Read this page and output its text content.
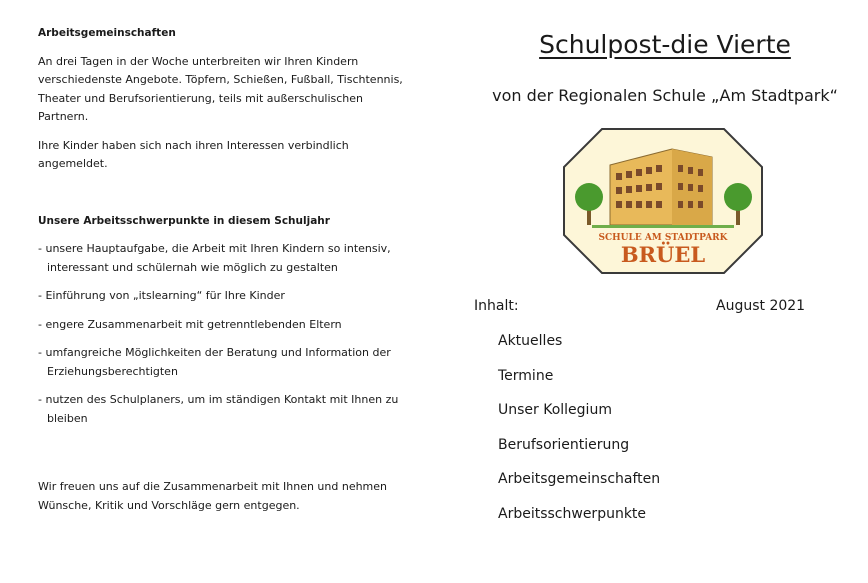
Arbeitsgemeinschaften

An drei Tagen in der Woche unterbreiten wir Ihren Kindern verschiedenste Angebote. Töpfern, Schießen, Fußball, Tischtennis, Theater und Berufsorientierung, teils mit außerschulischen Partnern.

Ihre Kinder haben sich nach ihren Interessen verbindlich angemeldet.

Unsere Arbeitsschwerpunkte in diesem Schuljahr

- unsere Hauptaufgabe, die Arbeit mit Ihren Kindern so intensiv, interessant und schülernah wie möglich zu gestalten

- Einführung von „itslearning“ für Ihre Kinder

- engere Zusammenarbeit mit getrenntlebenden Eltern

- umfangreiche Möglichkeiten der Beratung und Information der Erziehungsberechtigten

- nutzen des Schulplaners, um im ständigen Kontakt mit Ihnen zu bleiben

Wir freuen uns auf die Zusammenarbeit mit Ihnen und nehmen Wünsche, Kritik und Vorschläge gern entgegen.

Schulpost-die Vierte
von der Regionalen Schule „Am Stadtpark“
SCHULE AM STADTPARK
BRÜEL
Inhalt:	August 2021
Aktuelles
Termine
Unser Kollegium
Berufsorientierung
Arbeitsgemeinschaften
Arbeitsschwerpunkte
